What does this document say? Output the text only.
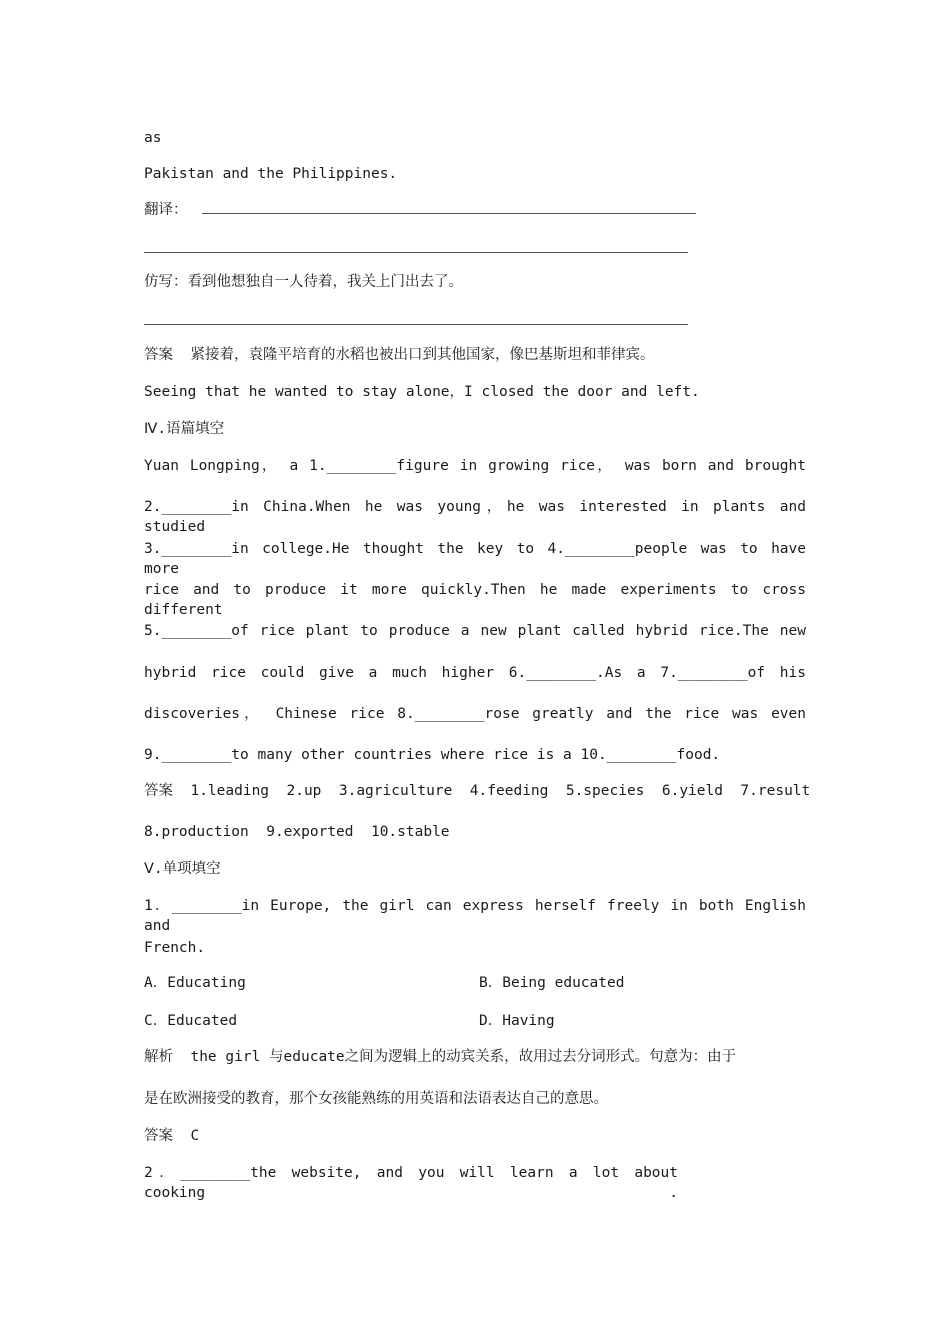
as
Pakistan and the Philippines.
翻译：
仿写：看到他想独自一人待着，我关上门出去了。
答案 紧接着，袁隆平培育的水稻也被出口到其他国家，像巴基斯坦和菲律宾。
Seeing that he wanted to stay alone，I closed the door and left.
Ⅳ.语篇填空
Yuan Longping， a 1.________figure in growing rice， was born and brought
2.________in China.When he was young，he was interested in plants and studied
3.________in college.He thought the key to 4.________people was to have more
rice and to produce it more quickly.Then he made experiments to cross different
5.________of rice plant to produce a new plant called hybrid rice.The new
hybrid rice could give a much higher 6.________.As a 7.________of his
discoveries， Chinese rice 8.________rose greatly and the rice was even
9.________to many other countries where rice is a 10.________food.
答案  1.leading  2.up  3.agriculture  4.feeding  5.species  6.yield  7.result
8.production  9.exported  10.stable
Ⅴ.单项填空
1．________in Europe, the girl can express herself freely in both English and
French.
A．Educating	B．Being educated
C．Educated	D．Having
解析  the girl 与educate之间为逻辑上的动宾关系，故用过去分词形式。句意为：由于
是在欧洲接受的教育，那个女孩能熟练的用英语和法语表达自己的意思。
答案  C
2．________the website, and you will learn a lot about cooking .
